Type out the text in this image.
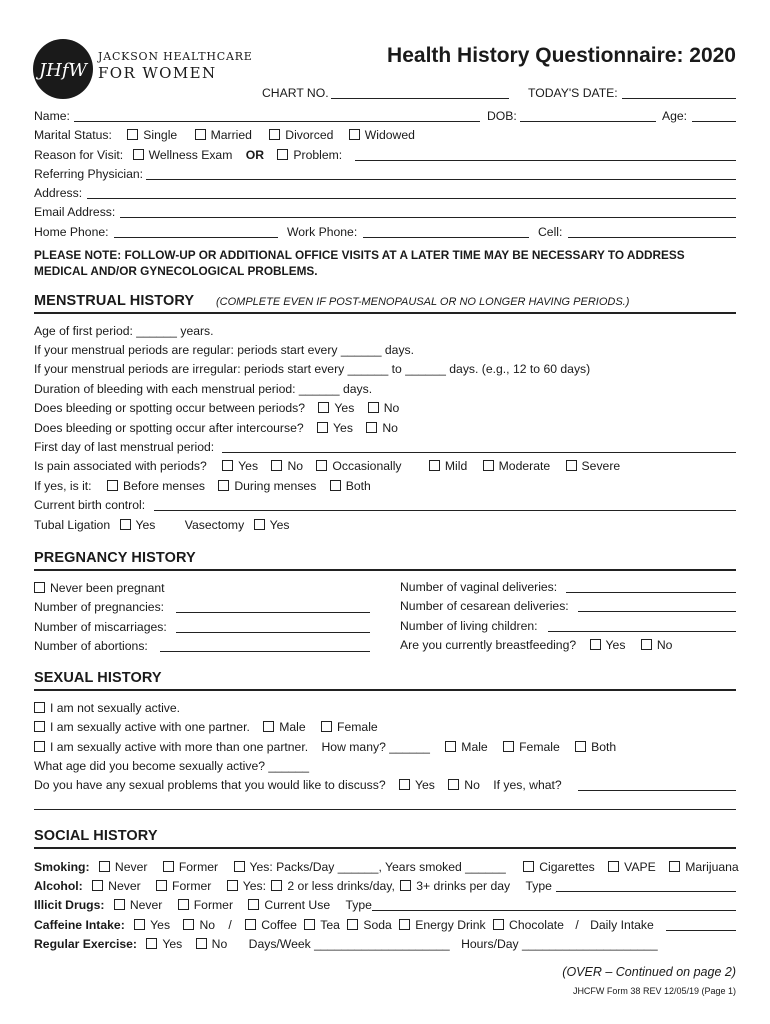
JHfW
JACKSON HEALTHCARE
FOR WOMEN
Health History Questionnaire: 2020
CHART NO.	TODAY'S DATE:
Name:	DOB:	Age:
Marital Status:	Single	Married	Divorced	Widowed
Reason for Visit: Wellness Exam OR Problem:
Referring Physician:
Address:
Email Address:
Home Phone:	Work Phone:	Cell:
PLEASE NOTE: FOLLOW-UP OR ADDITIONAL OFFICE VISITS AT A LATER TIME MAY BE NECESSARY TO ADDRESS
MEDICAL AND/OR GYNECOLOGICAL PROBLEMS.
MENSTRUAL HISTORY (COMPLETE EVEN IF POST-MENOPAUSAL OR NO LONGER HAVING PERIODS.)
Age of first period: ______ years.
If your menstrual periods are regular: periods start every ______ days.
If your menstrual periods are irregular: periods start every ______ to ______ days. (e.g., 12 to 60 days)
Duration of bleeding with each menstrual period: ______ days.
Does bleeding or spotting occur between periods? Yes No
Does bleeding or spotting occur after intercourse? Yes No
First day of last menstrual period:
Is pain associated with periods?	Yes No Occasionally	Mild	Moderate	Severe
If yes, is it:	Before menses During menses Both
Current birth control:
Tubal Ligation Yes Vasectomy Yes
PREGNANCY HISTORY
Never been pregnant
Number of pregnancies:
Number of miscarriages:
Number of abortions:
Number of vaginal deliveries:
Number of cesarean deliveries:
Number of living children:
Are you currently breastfeeding? Yes	No
SEXUAL HISTORY
I am not sexually active.
I am sexually active with one partner. Male	Female
I am sexually active with more than one partner. How many? ______	Male	Female	Both
What age did you become sexually active? ______
Do you have any sexual problems that you would like to discuss? Yes No If yes, what?
SOCIAL HISTORY
Smoking: Never	Former	Yes: Packs/Day ______, Years smoked ______	Cigarettes VAPE Marijuana
Alcohol: Never	Former	Yes: 2 or less drinks/day, 3+ drinks per day Type
Illicit Drugs: Never	Former	Current Use Type
Caffeine Intake: Yes No / Coffee Tea Soda Energy Drink Chocolate / Daily Intake
Regular Exercise: Yes No Days/Week ____________________ Hours/Day ____________________
(OVER – Continued on page 2)
JHCFW Form 38 REV 12/05/19 (Page 1)
